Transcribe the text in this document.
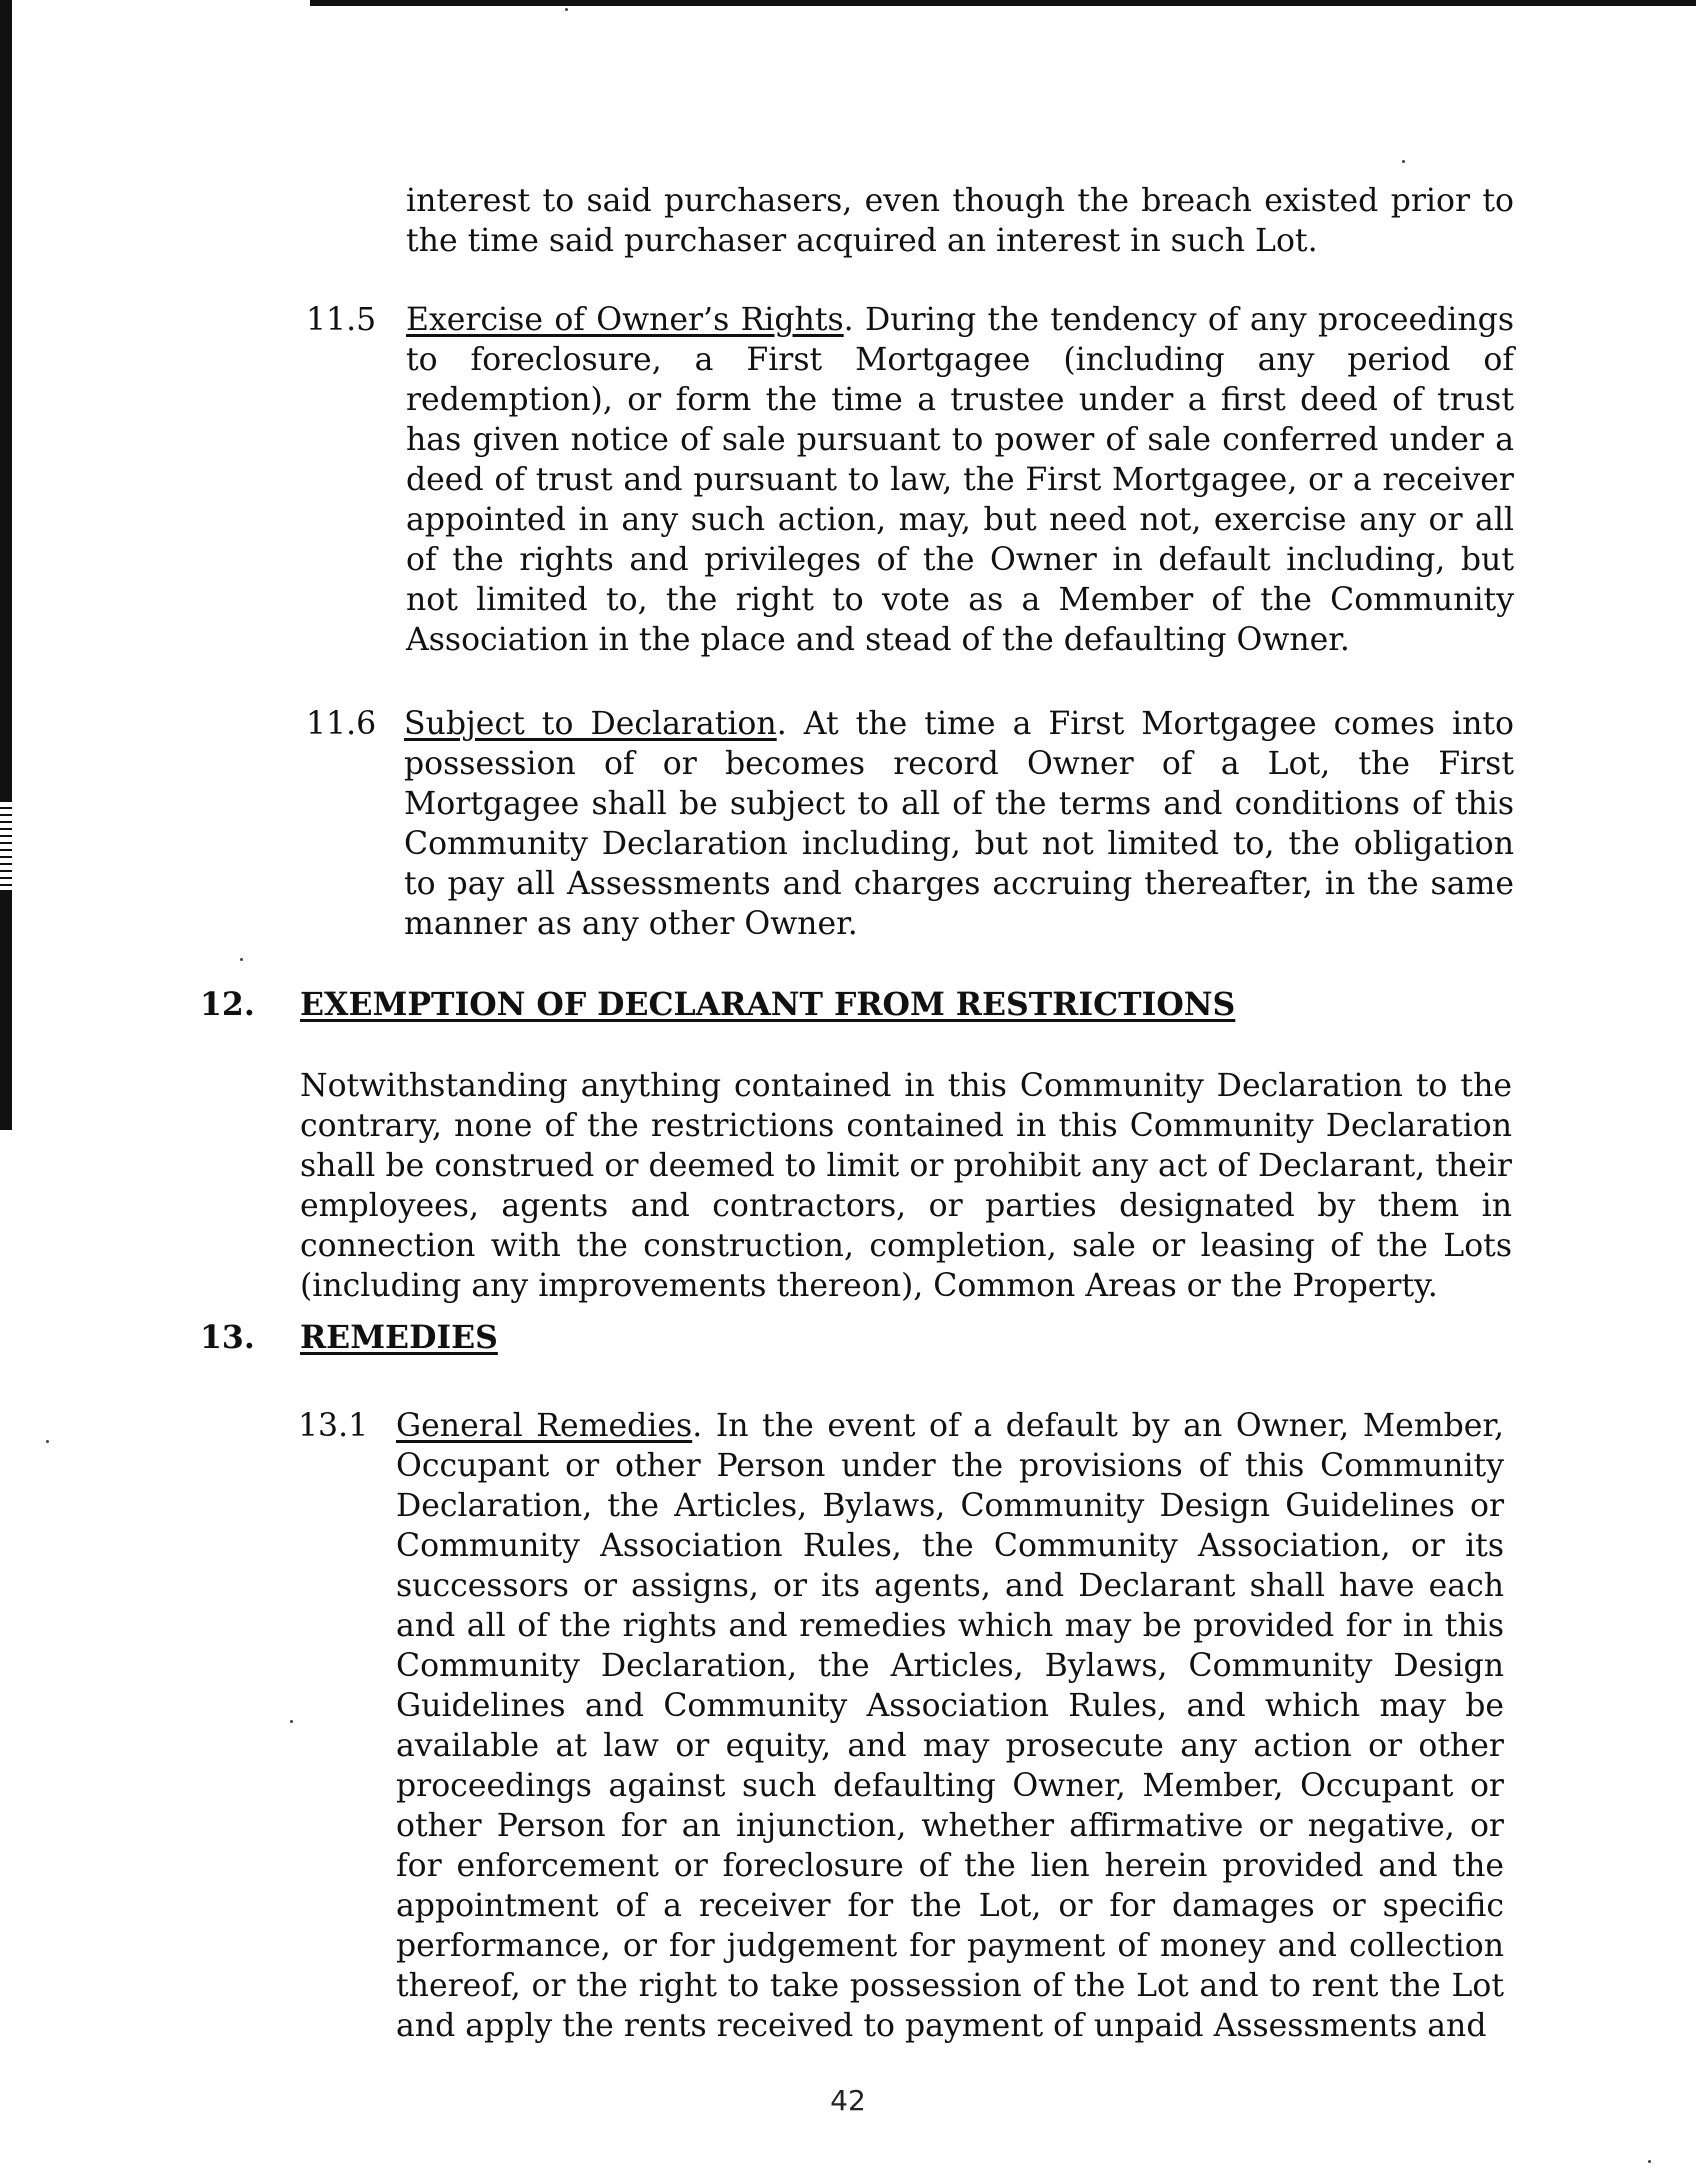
interest to said purchasers, even though the breach existed prior to the time said purchaser acquired an interest in such Lot.

11.5 Exercise of Owner’s Rights. During the tendency of any proceedings to foreclosure, a First Mortgagee (including any period of redemption), or form the time a trustee under a first deed of trust has given notice of sale pursuant to power of sale conferred under a deed of trust and pursuant to law, the First Mortgagee, or a receiver appointed in any such action, may, but need not, exercise any or all of the rights and privileges of the Owner in default including, but not limited to, the right to vote as a Member of the Community Association in the place and stead of the defaulting Owner.

11.6 Subject to Declaration. At the time a First Mortgagee comes into possession of or becomes record Owner of a Lot, the First Mortgagee shall be subject to all of the terms and conditions of this Community Declaration including, but not limited to, the obligation to pay all Assessments and charges accruing thereafter, in the same manner as any other Owner.

12. EXEMPTION OF DECLARANT FROM RESTRICTIONS

Notwithstanding anything contained in this Community Declaration to the contrary, none of the restrictions contained in this Community Declaration shall be construed or deemed to limit or prohibit any act of Declarant, their employees, agents and contractors, or parties designated by them in connection with the construction, completion, sale or leasing of the Lots (including any improvements thereon), Common Areas or the Property.

13. REMEDIES

13.1 General Remedies. In the event of a default by an Owner, Member, Occupant or other Person under the provisions of this Community Declaration, the Articles, Bylaws, Community Design Guidelines or Community Association Rules, the Community Association, or its successors or assigns, or its agents, and Declarant shall have each and all of the rights and remedies which may be provided for in this Community Declaration, the Articles, Bylaws, Community Design Guidelines and Community Association Rules, and which may be available at law or equity, and may prosecute any action or other proceedings against such defaulting Owner, Member, Occupant or other Person for an injunction, whether affirmative or negative, or for enforcement or foreclosure of the lien herein provided and the appointment of a receiver for the Lot, or for damages or specific performance, or for judgement for payment of money and collection thereof, or the right to take possession of the Lot and to rent the Lot and apply the rents received to payment of unpaid Assessments and

42
